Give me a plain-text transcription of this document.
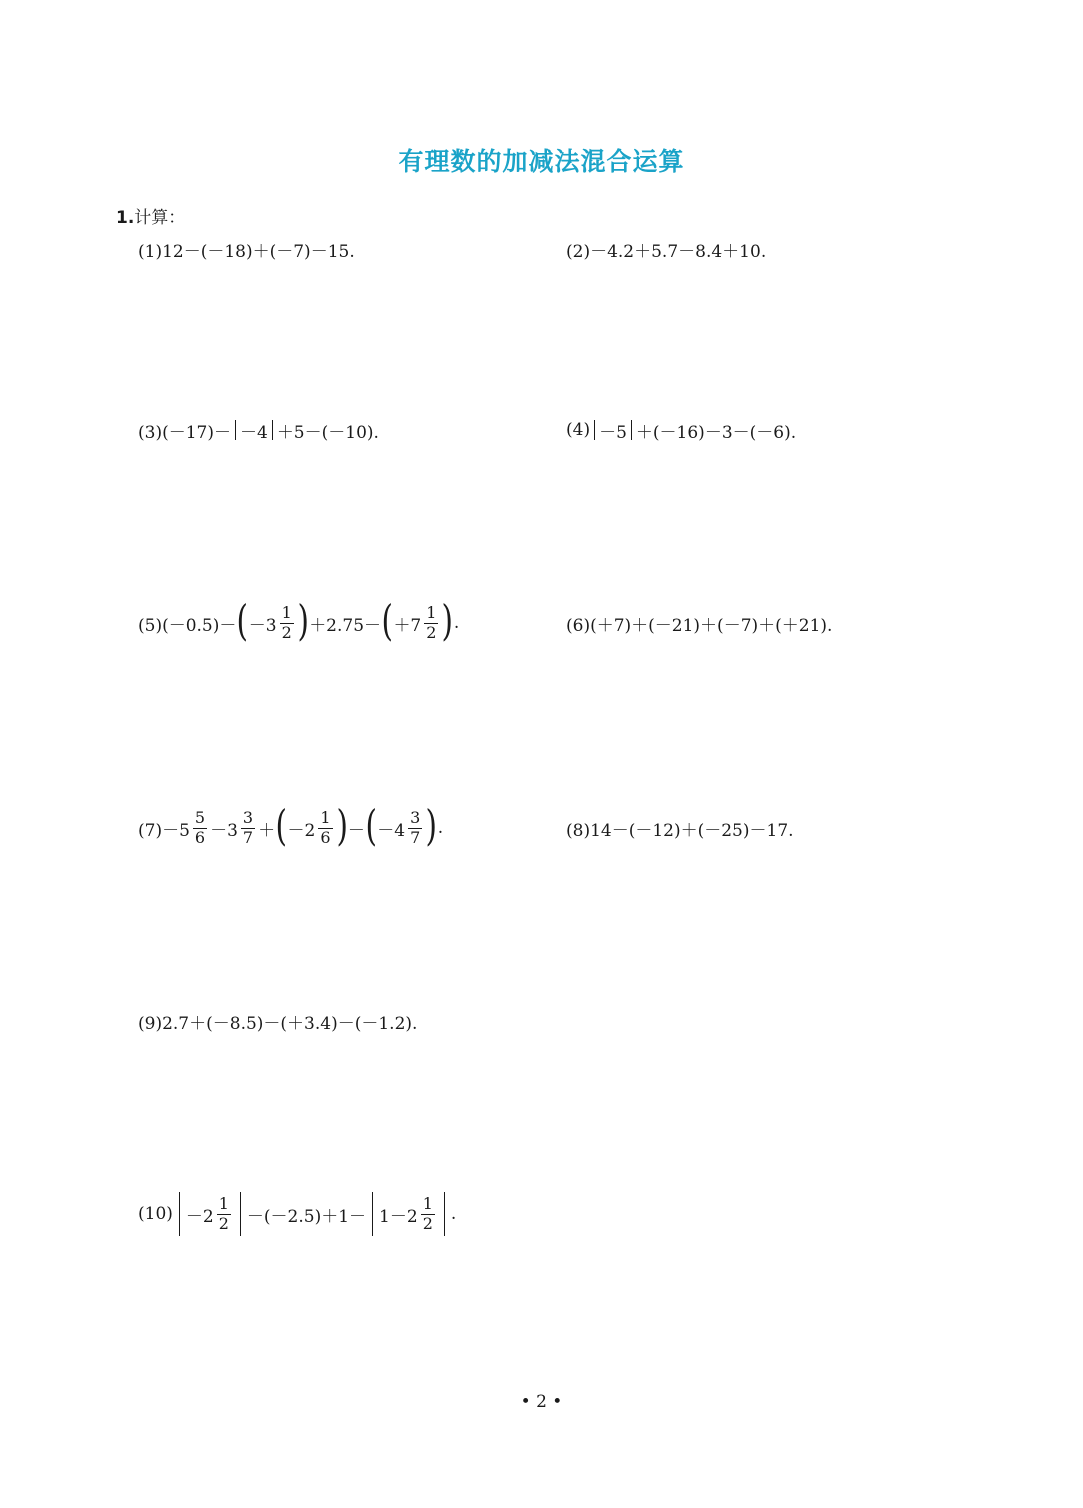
有理数的加减法混合运算
1.计算：
(1)12－(－18)＋(－7)－15.	(2)－4.2＋5.7－8.4＋10.
(3)(－17)－ －4 ＋5－(－10).	(4) －5 ＋(－16)－3－(－6).
(5)(－0.5)－ ( $-3 \frac{1}{2}$ ) ＋2.75－ ( $+7 \frac{1}{2}$ ) .	(6)(＋7)＋(－21)＋(－7)＋(＋21).
$(7)-5 \frac{5}{6} -3 \frac{3}{7}$ ＋ ( $-2 \frac{1}{6}$ ) － ( $-4 \frac{3}{7}$ ) .	(8)14－(－12)＋(－25)－17.
(9)2.7＋(－8.5)－(＋3.4)－(－1.2).
$(10) -2 \frac{1}{2} -(-2.5)+1- 1-2 \frac{1}{2}$ .
• 2 •
